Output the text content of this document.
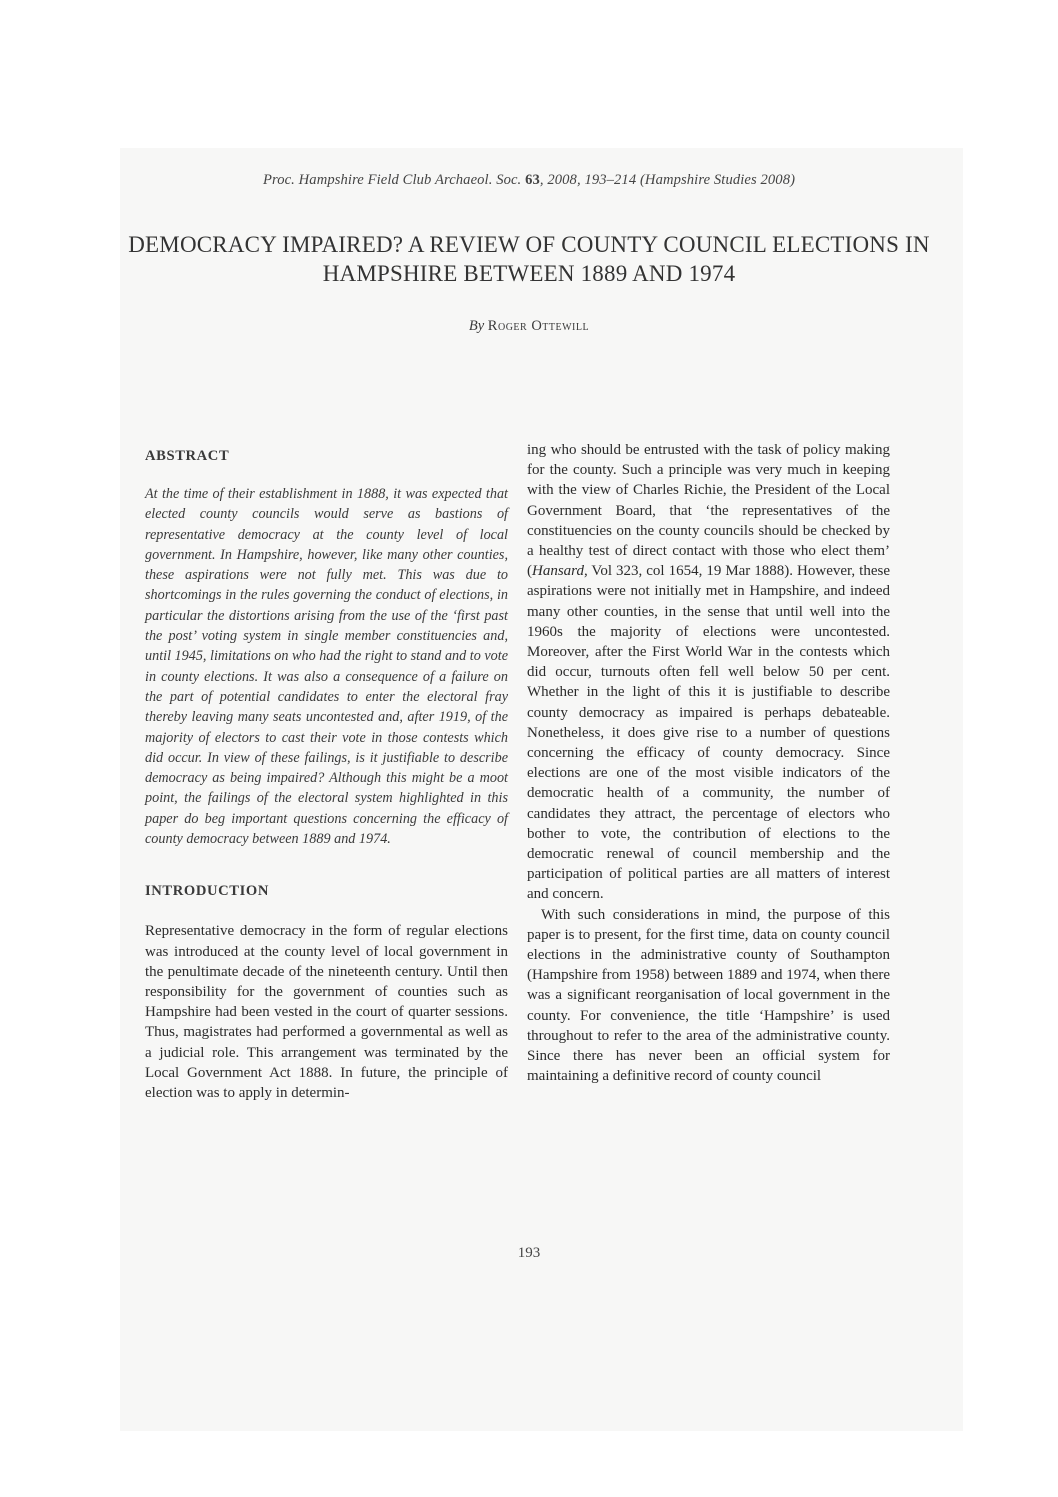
Proc. Hampshire Field Club Archaeol. Soc. 63, 2008, 193–214 (Hampshire Studies 2008)
DEMOCRACY IMPAIRED? A REVIEW OF COUNTY COUNCIL ELECTIONS IN HAMPSHIRE BETWEEN 1889 AND 1974
By Roger Ottewill
ABSTRACT

At the time of their establishment in 1888, it was expected that elected county councils would serve as bastions of representative democracy at the county level of local government. In Hampshire, however, like many other counties, these aspirations were not fully met. This was due to shortcomings in the rules governing the conduct of elections, in particular the distortions arising from the use of the ‘first past the post’ voting system in single member constituencies and, until 1945, limitations on who had the right to stand and to vote in county elections. It was also a consequence of a failure on the part of potential candidates to enter the electoral fray thereby leaving many seats uncontested and, after 1919, of the majority of electors to cast their vote in those contests which did occur. In view of these failings, is it justifiable to describe democracy as being impaired? Although this might be a moot point, the failings of the electoral system highlighted in this paper do beg important questions concerning the efficacy of county democracy between 1889 and 1974.

INTRODUCTION

Representative democracy in the form of regular elections was introduced at the county level of local government in the penultimate decade of the nineteenth century. Until then responsibility for the government of counties such as Hampshire had been vested in the court of quarter sessions. Thus, magistrates had performed a governmental as well as a judicial role. This arrangement was terminated by the Local Government Act 1888. In future, the principle of election was to apply in determin-

ing who should be entrusted with the task of policy making for the county. Such a principle was very much in keeping with the view of Charles Richie, the President of the Local Government Board, that ‘the representatives of the constituencies on the county councils should be checked by a healthy test of direct contact with those who elect them’ (Hansard, Vol 323, col 1654, 19 Mar 1888). However, these aspirations were not initially met in Hampshire, and indeed many other counties, in the sense that until well into the 1960s the majority of elections were uncontested. Moreover, after the First World War in the contests which did occur, turnouts often fell well below 50 per cent. Whether in the light of this it is justifiable to describe county democracy as impaired is perhaps debateable. Nonetheless, it does give rise to a number of questions concerning the efficacy of county democracy. Since elections are one of the most visible indicators of the democratic health of a community, the number of candidates they attract, the percentage of electors who bother to vote, the contribution of elections to the democratic renewal of council membership and the participation of political parties are all matters of interest and concern.

With such considerations in mind, the purpose of this paper is to present, for the first time, data on county council elections in the administrative county of Southampton (Hampshire from 1958) between 1889 and 1974, when there was a significant reorganisation of local government in the county. For convenience, the title ‘Hampshire’ is used throughout to refer to the area of the administrative county. Since there has never been an official system for maintaining a definitive record of county council

193
